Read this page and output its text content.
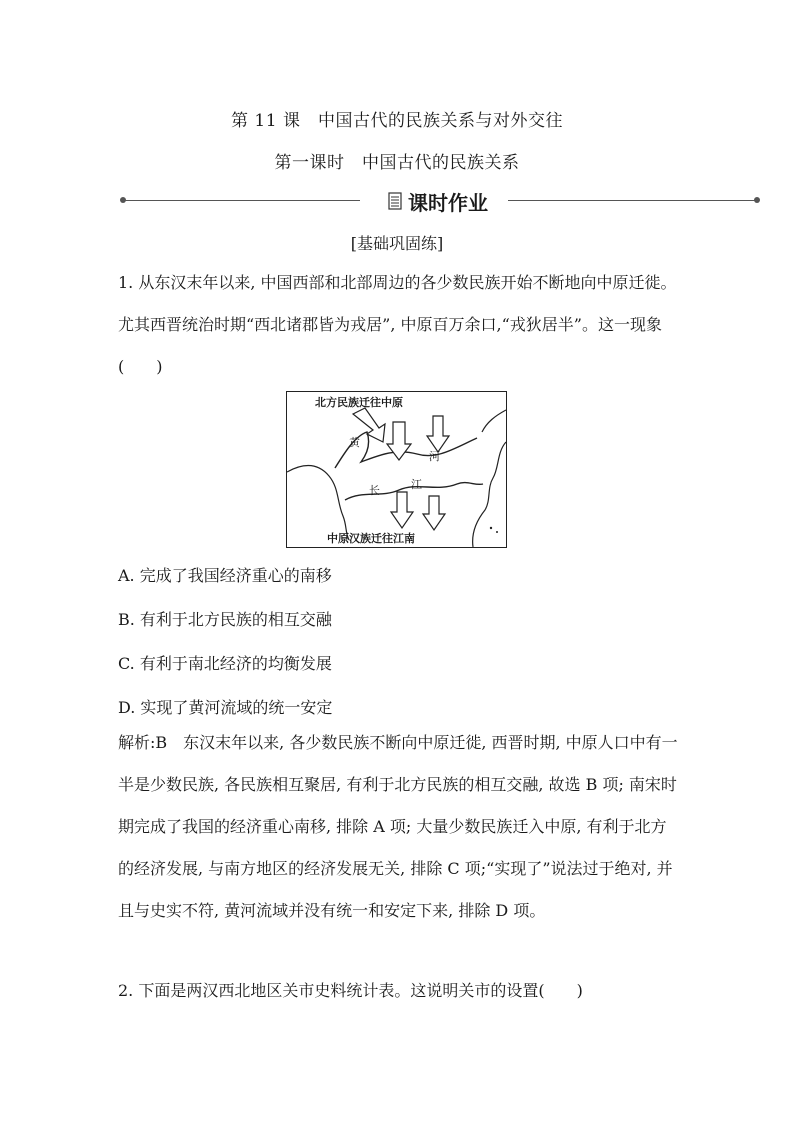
第 11 课　中国古代的民族关系与对外交往
第一课时　中国古代的民族关系
课时作业
[基础巩固练]

1. 从东汉末年以来, 中国西部和北部周边的各少数民族开始不断地向中原迁徙。尤其西晋统治时期“西北诸郡皆为戎居”, 中原百万余口,“戎狄居半”。这一现象(　　)

北方民族迁往中原
黄
河
长	江
中原汉族迁往江南
A. 完成了我国经济重心的南移
B. 有利于北方民族的相互交融
C. 有利于南北经济的均衡发展
D. 实现了黄河流域的统一安定

解析:B　东汉末年以来, 各少数民族不断向中原迁徙, 西晋时期, 中原人口中有一半是少数民族, 各民族相互聚居, 有利于北方民族的相互交融, 故选 B 项; 南宋时期完成了我国的经济重心南移, 排除 A 项; 大量少数民族迁入中原, 有利于北方的经济发展, 与南方地区的经济发展无关, 排除 C 项;“实现了”说法过于绝对, 并且与史实不符, 黄河流域并没有统一和安定下来, 排除 D 项。

2. 下面是两汉西北地区关市史料统计表。这说明关市的设置(　　)
